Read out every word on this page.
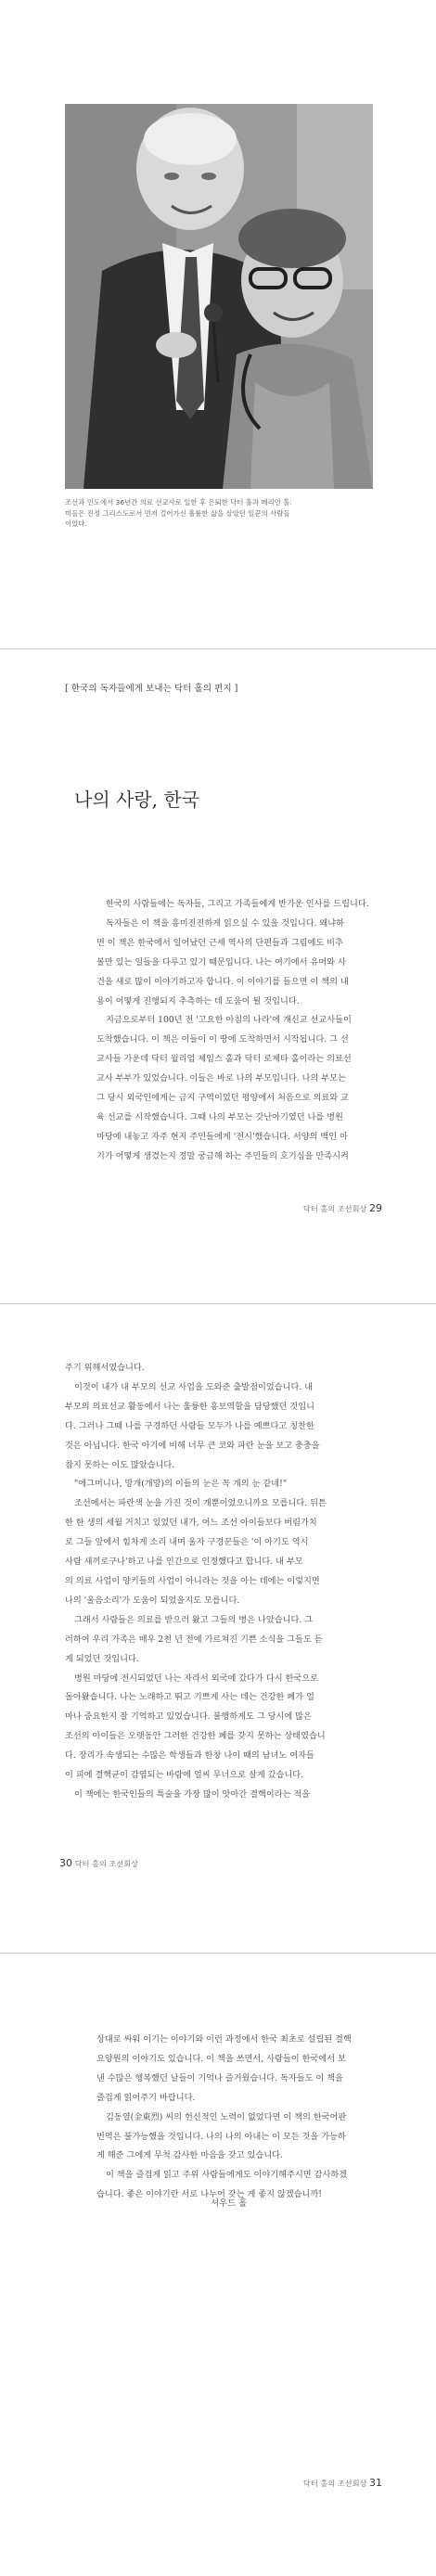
조선과 인도에서 36년간 의료 선교사로 일한 후 은퇴한 닥터 홀과 메리언 홀.
미들은 진정 그리스도로서 먼저 걸어가신 훌륭한 삶을 살았던 일꾼의 사람들
이었다.
[ 한국의 독자들에게 보내는 닥터 홀의 편지 ]
나의 사랑, 한국
한국의 사람들에는 독자들, 그리고 가족들에게 반가운 인사를 드립니다.
독자들은 이 책을 흥미진진하게 읽으실 수 있을 것입니다. 왜냐하
면 이 책은 한국에서 일어났던 근세 역사의 단편들과 그림에도 비추
볼만 있는 일들을 다루고 있기 때문입니다. 나는 여기에서 유머와 사
건을 새로 많이 이야기하고자 합니다. 이 이야기를 들으면 이 책의 내
용이 어떻게 진행되지 추측하는 데 도움이 될 것입니다.
지금으로부터 100년 전 '고요한 아침의 나라'에 개신교 선교사들이
도착했습니다. 이 책은 이들이 이 땅에 도착하면서 시작됩니다. 그 선
교사들 가운데 닥터 윌리엄 제임스 홀과 닥터 로제타 홀이라는 의료선
교사 부부가 있었습니다. 이들은 바로 나의 부모입니다. 나의 부모는
그 당시 외국인에게는 금지 구역이었던 평양에서 처음으로 의료와 교
육 선교를 시작했습니다. 그때 나의 부모는 갓난아기였던 나를 병원
마당에 내놓고 자주 현지 주민들에게 '전시'했습니다. 서양의 백인 아
기가 어떻게 생겼는지 정말 궁금해 하는 주민들의 호기심을 만족시켜
닥터 홀의 조선회상 29
주기 위해서였습니다.
이것이 내가 내 부모의 선교 사업을 도와준 출발점이었습니다. 내
부모의 의료선교 활동에서 나는 훌륭한 홍보역할을 담당했던 것입니
다. 그러나 그때 나를 구경하던 사람들 모두가 나를 예쁘다고 칭찬한
것은 아닙니다. 한국 아기에 비해 너무 큰 코와 파란 눈을 보고 충충을
참지 못하는 이도 많았습니다.
"에그머니나, 망개(개망)의 이들의 눈은 꼭 개의 눈 같네!"
조선에서는 파란색 눈을 가진 것이 개뿐이었으니까요 모릅니다. 뒤튼
한 한 생의 세월 거치고 있었던 내가, 어느 조선 아이들보다 버림가치
로 그들 앞에서 힘차게 소리 내며 울자 구경꾼들은 '이 아기도 역시
사람 새끼로구나'하고 나를 인간으로 인정했다고 합니다. 내 부모
의 의료 사업이 양키들의 사업이 아니라는 것을 아는 데에는 이렇지면
나의 '울음소리'가 도움이 되었을지도 모릅니다.
그래서 사람들은 의료를 받으러 왔고 그들의 병은 나았습니다. 그
러하여 우리 가족은 매우 2천 년 전에 가르쳐진 기쁜 소식을 그들도 듣
게 되었던 것입니다.
병원 마당에 전시되었던 나는 자라서 외국에 갔다가 다시 한국으로
돌아왔습니다. 나는 노래하고 뛰고 기쁘게 사는 데는 건강한 폐가 얼
마나 중요한지 잘 기억하고 있었습니다. 불행하게도 그 당시에 많은
조선의 아이들은 오랫동안 그러한 건강한 폐를 갖지 못하는 상태였습니
다. 장리가 속생되는 수많은 학생들과 한창 나이 때의 남녀노 여자들
이 피에 결핵균이 감염되는 바람에 얼씨 무너으로 살게 갔습니다.
이 책에는 한국인들의 특술을 가장 많이 앗아간 결핵이라는 적을
30 닥터 홀의 조선회상
상대로 싸워 이기는 이야기와 이런 과정에서 한국 최초로 설립된 결핵
요양원의 이야기도 있습니다. 이 책을 쓰면서, 사람들이 한국에서 보
낸 수많은 행복했던 날들이 기억나 즐거웠습니다. 독자들도 이 책을
즐겁게 읽어주기 바랍니다.
김동열(金東烈) 씨의 헌신적인 노력이 없었다면 이 책의 한국어판
번역은 불가능했을 것입니다. 나의 나의 아내는 이 모든 것을 가능하
게 해준 그에게 무척 감사한 마음을 갖고 있습니다.
이 책을 즐겁게 읽고 주위 사람들에게도 이야기해주시면 감사하겠
습니다. 좋은 이야기란 서로 나누어 갖는 게 좋지 않겠습니까!
셔우드 홀
닥터 홀의 조선회상 31
